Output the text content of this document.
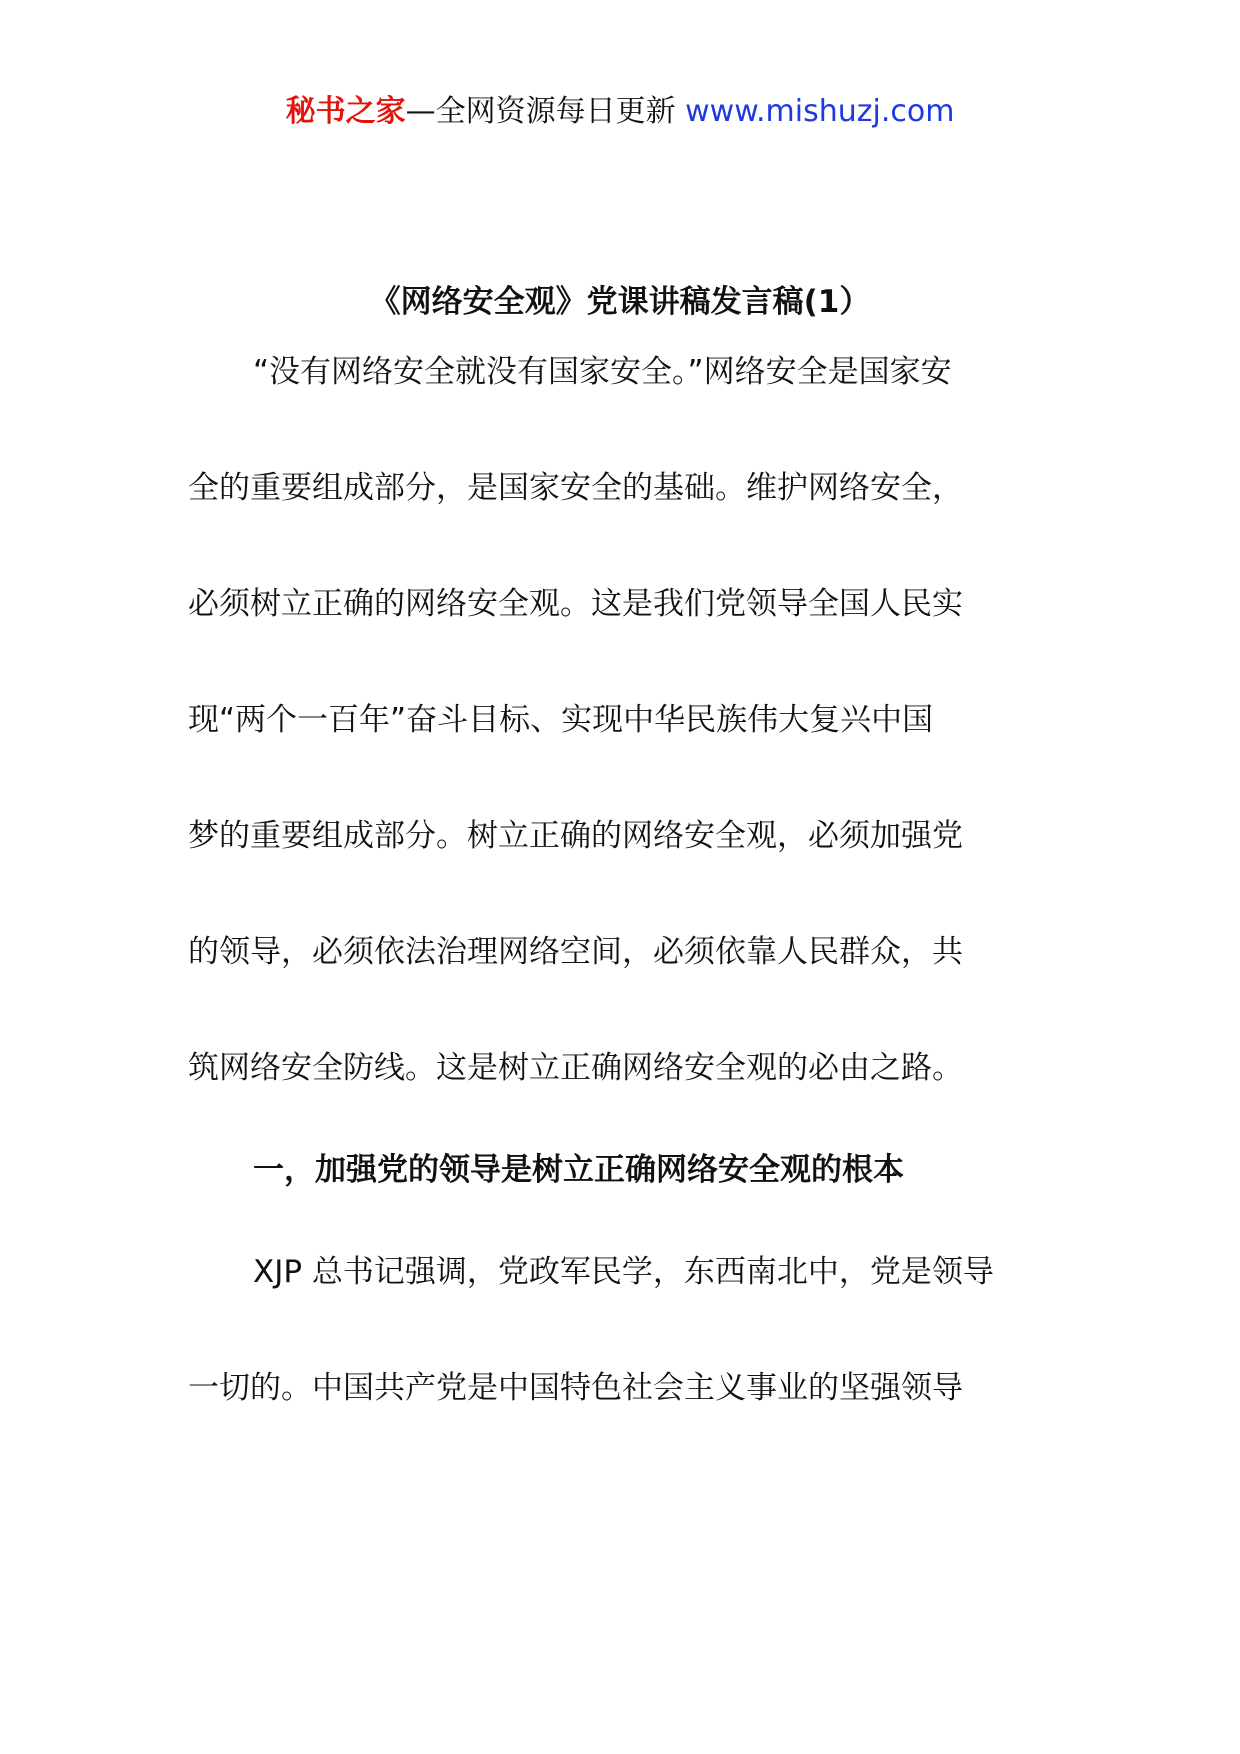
秘书之家—全网资源每日更新 www.mishuzj.com
《网络安全观》党课讲稿发言稿(1）
“没有网络安全就没有国家安全。”网络安全是国家安
全的重要组成部分，是国家安全的基础。维护网络安全，
必须树立正确的网络安全观。这是我们党领导全国人民实
现“两个一百年”奋斗目标、实现中华民族伟大复兴中国
梦的重要组成部分。树立正确的网络安全观，必须加强党
的领导，必须依法治理网络空间，必须依靠人民群众，共
筑网络安全防线。这是树立正确网络安全观的必由之路。
一，加强党的领导是树立正确网络安全观的根本
XJP 总书记强调，党政军民学，东西南北中，党是领导
一切的。中国共产党是中国特色社会主义事业的坚强领导
